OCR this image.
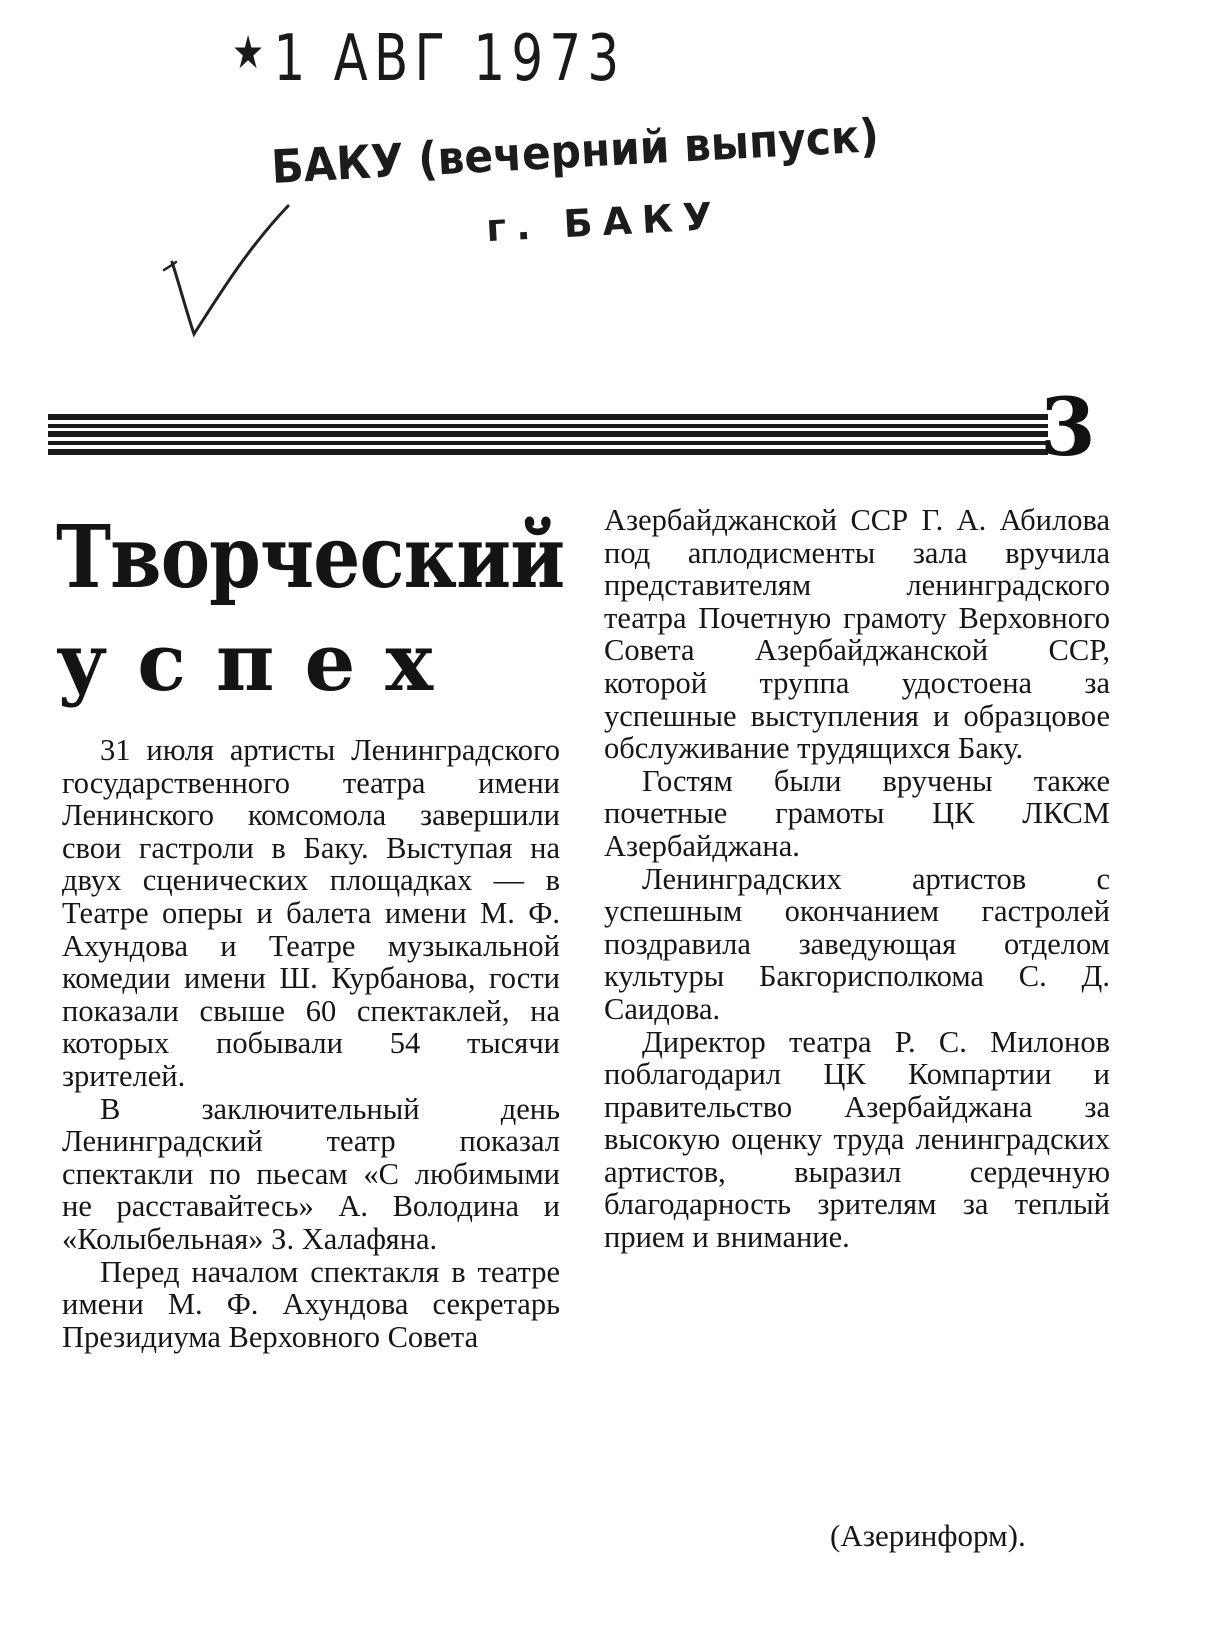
★1 АВГ 1973
БАКУ (вечерний выпуск)
г. БАКУ
3
Творческий
успех

31 июля артисты Ленинградского государственного театра имени Ленинского комсомола завершили свои гастроли в Баку. Выступая на двух сценических площадках — в Театре оперы и балета имени М. Ф. Ахундова и Театре музыкальной комедии имени Ш. Курбанова, гости показали свыше 60 спектаклей, на которых побывали 54 тысячи зрителей.

В заключительный день Ленинградский театр показал спектакли по пьесам «С любимыми не расставайтесь» А. Володина и «Колыбельная» З. Халафяна.

Перед началом спектакля в театре имени М. Ф. Ахундова секретарь Президиума Верховного Совета

Азербайджанской ССР Г. А. Абилова под аплодисменты зала вручила представителям ленинградского театра Почетную грамоту Верховного Совета Азербайджанской ССР, которой труппа удостоена за успешные выступления и образцовое обслуживание трудящихся Баку.

Гостям были вручены также почетные грамоты ЦК ЛКСМ Азербайджана.

Ленинградских артистов с успешным окончанием гастролей поздравила заведующая отделом культуры Бакгорисполкома С. Д. Саидова.

Директор театра Р. С. Милонов поблагодарил ЦК Компартии и правительство Азербайджана за высокую оценку труда ленинградских артистов, выразил сердечную благодарность зрителям за теплый прием и внимание.

(Азеринформ).
